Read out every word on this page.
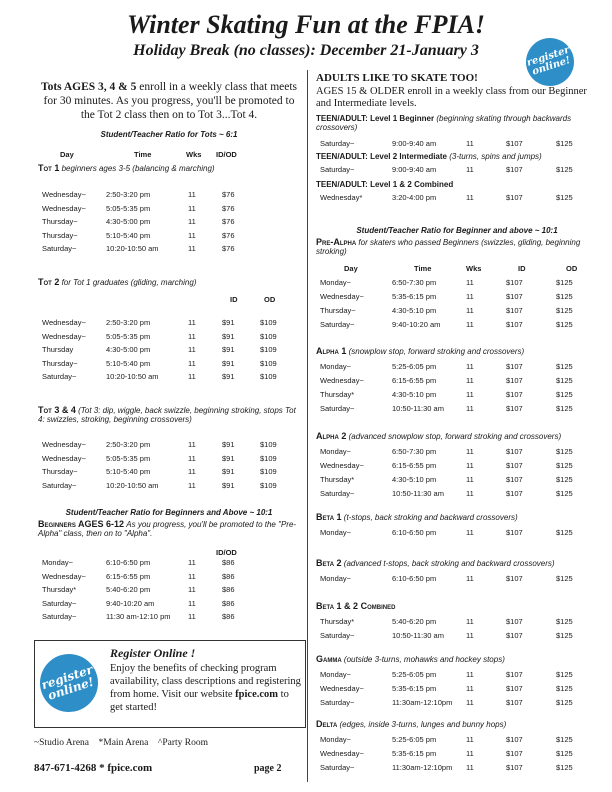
Winter Skating Fun at the FPIA!
Holiday Break (no classes): December 21-January 3	register online!
Tots AGES 3, 4 & 5 enroll in a weekly class that meets for 30 minutes. As you progress, you'll be promoted to the Tot 2 class then on to Tot 3...Tot 4.
Student/Teacher Ratio for Tots ~ 6:1
Day	Time	Wks ID/OD
Student/Teacher Ratio for Beginners and Above ~ 10:1
Tot 1 beginners ages 3-5 (balancing & marching)
Wednesday~	2:50-3:20 pm	11	$76
Wednesday~	5:05-5:35 pm	11	$76
Thursday~	4:30-5:00 pm	11	$76
Thursday~	5:10-5:40 pm	11	$76
Saturday~	10:20-10:50 am	11	$76
Tot 2 for Tot 1 graduates (gliding, marching)
ID	OD
Wednesday~	2:50-3:20 pm	11	$91	$109
Wednesday~	5:05-5:35 pm	11	$91	$109
Thursday	4:30-5:00 pm	11	$91	$109
Thursday~	5:10-5:40 pm	11	$91	$109
Saturday~	10:20-10:50 am	11	$91	$109
Tot 3 & 4 (Tot 3: dip, wiggle, back swizzle, beginning stroking, stops Tot 4: swizzles, stroking, beginning crossovers)
Wednesday~	2:50-3:20 pm	11	$91	$109
Wednesday~	5:05-5:35 pm	11	$91	$109
Thursday~	5:10-5:40 pm	11	$91	$109
Saturday~	10:20-10:50 am	11	$91	$109
Beginners AGES 6-12 As you progress, you'll be promoted to the "Pre-Alpha" class, then on to "Alpha".
ID/OD
Monday~	6:10-6:50 pm	11	$86
Wednesday~	6:15-6:55 pm	11	$86
Thursday*	5:40-6:20 pm	11	$86
Saturday~	9:40-10:20 am	11	$86
Saturday~	11:30 am-12:10 pm 11	$86
ADULTS LIKE TO SKATE TOO!
AGES 15 & OLDER enroll in a weekly class from our Beginner and Intermediate levels.
TEEN/ADULT: Level 1 Beginner (beginning skating through backwards crossovers)
Saturday~	9:00-9:40 am	11	$107	$125
TEEN/ADULT: Level 2 Intermediate (3-turns, spins and jumps)
Saturday~	9:00-9:40 am	11	$107	$125
TEEN/ADULT: Level 1 & 2 Combined
Wednesday*	3:20-4:00 pm	11	$107	$125
Student/Teacher Ratio for Beginner and above ~ 10:1
Day	Time	Wks	ID	OD
Pre-Alpha for skaters who passed Beginners (swizzles, gliding, beginning stroking)
Monday~	6:50-7:30 pm	11	$107	$125
Wednesday~	5:35-6:15 pm	11	$107	$125
Thursday~	4:30-5:10 pm	11	$107	$125
Saturday~	9:40-10:20 am	11	$107	$125
Alpha 1 (snowplow stop, forward stroking and crossovers)
Monday~	5:25-6:05 pm	11	$107	$125
Wednesday~	6:15-6:55 pm	11	$107	$125
Thursday*	4:30-5:10 pm	11	$107	$125
Saturday~	10:50-11:30 am	11	$107	$125
Alpha 2 (advanced snowplow stop, forward stroking and crossovers)
Monday~	6:50-7:30 pm	11	$107	$125
Wednesday~	6:15-6:55 pm	11	$107	$125
Thursday*	4:30-5:10 pm	11	$107	$125
Saturday~	10:50-11:30 am	11	$107	$125
Beta 1 (t-stops, back stroking and backward crossovers)
Monday~	6:10-6:50 pm	11	$107	$125
Beta 2 (advanced t-stops, back stroking and backward crossovers)
Monday~	6:10-6:50 pm	11	$107	$125
Beta 1 & 2 Combined
Thursday*	5:40-6:20 pm	11	$107	$125
Saturday~	10:50-11:30 am	11	$107	$125
Gamma (outside 3-turns, mohawks and hockey stops)
Monday~	5:25-6:05 pm	11	$107	$125
Wednesday~	5:35-6:15 pm	11	$107	$125
Saturday~	11:30am-12:10pm 11	$107	$125
Delta (edges, inside 3-turns, lunges and bunny hops)
Monday~	5:25-6:05 pm	11	$107	$125
Wednesday~	5:35-6:15 pm	11	$107	$125
Saturday~	11:30am-12:10pm 11	$107	$125
register online!
Register Online !
Enjoy the benefits of checking program availability, class descriptions and registering from home. Visit our website fpice.com to get started!
~Studio Arena    *Main Arena    ^Party Room
847-671-4268 * fpice.com	page 2
